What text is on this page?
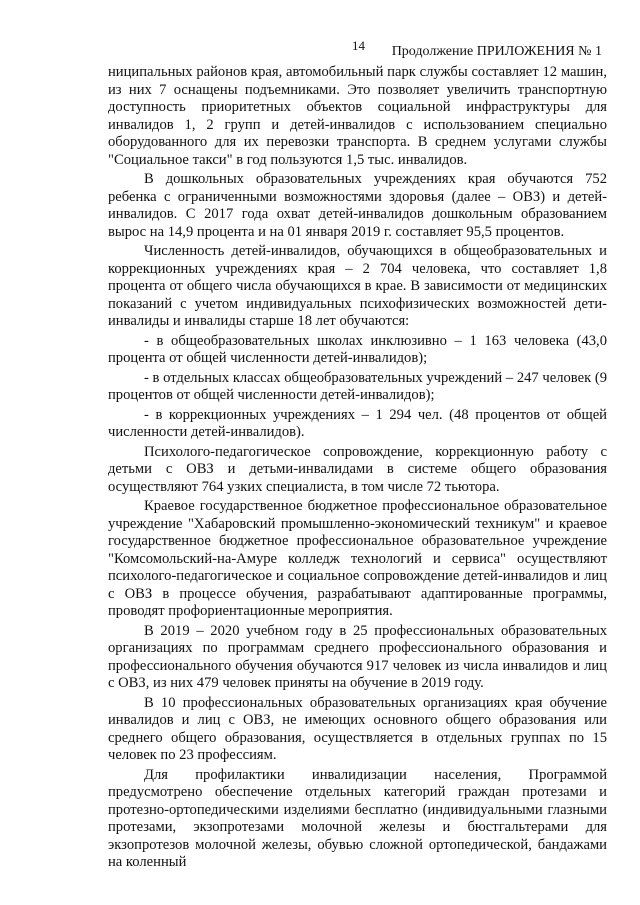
14 Продолжение ПРИЛОЖЕНИЯ № 1

ниципальных районов края, автомобильный парк службы составляет 12 машин, из них 7 оснащены подъемниками. Это позволяет увеличить транспортную доступность приоритетных объектов социальной инфраструктуры для инвалидов 1, 2 групп и детей-инвалидов с использованием специально оборудованного для их перевозки транспорта. В среднем услугами службы "Социальное такси" в год пользуются 1,5 тыс. инвалидов.

В дошкольных образовательных учреждениях края обучаются 752 ребенка с ограниченными возможностями здоровья (далее – ОВЗ) и детей-инвалидов. С 2017 года охват детей-инвалидов дошкольным образованием вырос на 14,9 процента и на 01 января 2019 г. составляет 95,5 процентов.

Численность детей-инвалидов, обучающихся в общеобразовательных и коррекционных учреждениях края – 2 704 человека, что составляет 1,8 процента от общего числа обучающихся в крае. В зависимости от медицинских показаний с учетом индивидуальных психофизических возможностей дети-инвалиды и инвалиды старше 18 лет обучаются:

- в общеобразовательных школах инклюзивно – 1 163 человека (43,0 процента от общей численности детей-инвалидов);

- в отдельных классах общеобразовательных учреждений – 247 человек (9 процентов от общей численности детей-инвалидов);

- в коррекционных учреждениях – 1 294 чел. (48 процентов от общей численности детей-инвалидов).

Психолого-педагогическое сопровождение, коррекционную работу с детьми с ОВЗ и детьми-инвалидами в системе общего образования осуществляют 764 узких специалиста, в том числе 72 тьютора.

Краевое государственное бюджетное профессиональное образовательное учреждение "Хабаровский промышленно-экономический техникум" и краевое государственное бюджетное профессиональное образовательное учреждение "Комсомольский-на-Амуре колледж технологий и сервиса" осуществляют психолого-педагогическое и социальное сопровождение детей-инвалидов и лиц с ОВЗ в процессе обучения, разрабатывают адаптированные программы, проводят профориентационные мероприятия.

В 2019 – 2020 учебном году в 25 профессиональных образовательных организациях по программам среднего профессионального образования и профессионального обучения обучаются 917 человек из числа инвалидов и лиц с ОВЗ, из них 479 человек приняты на обучение в 2019 году.

В 10 профессиональных образовательных организациях края обучение инвалидов и лиц с ОВЗ, не имеющих основного общего образования или среднего общего образования, осуществляется в отдельных группах по 15 человек по 23 профессиям.

Для профилактики инвалидизации населения, Программой предусмотрено обеспечение отдельных категорий граждан протезами и протезно-ортопедическими изделиями бесплатно (индивидуальными глазными протезами, экзопротезами молочной железы и бюстгальтерами для экзопротезов молочной железы, обувью сложной ортопедической, бандажами на коленный
